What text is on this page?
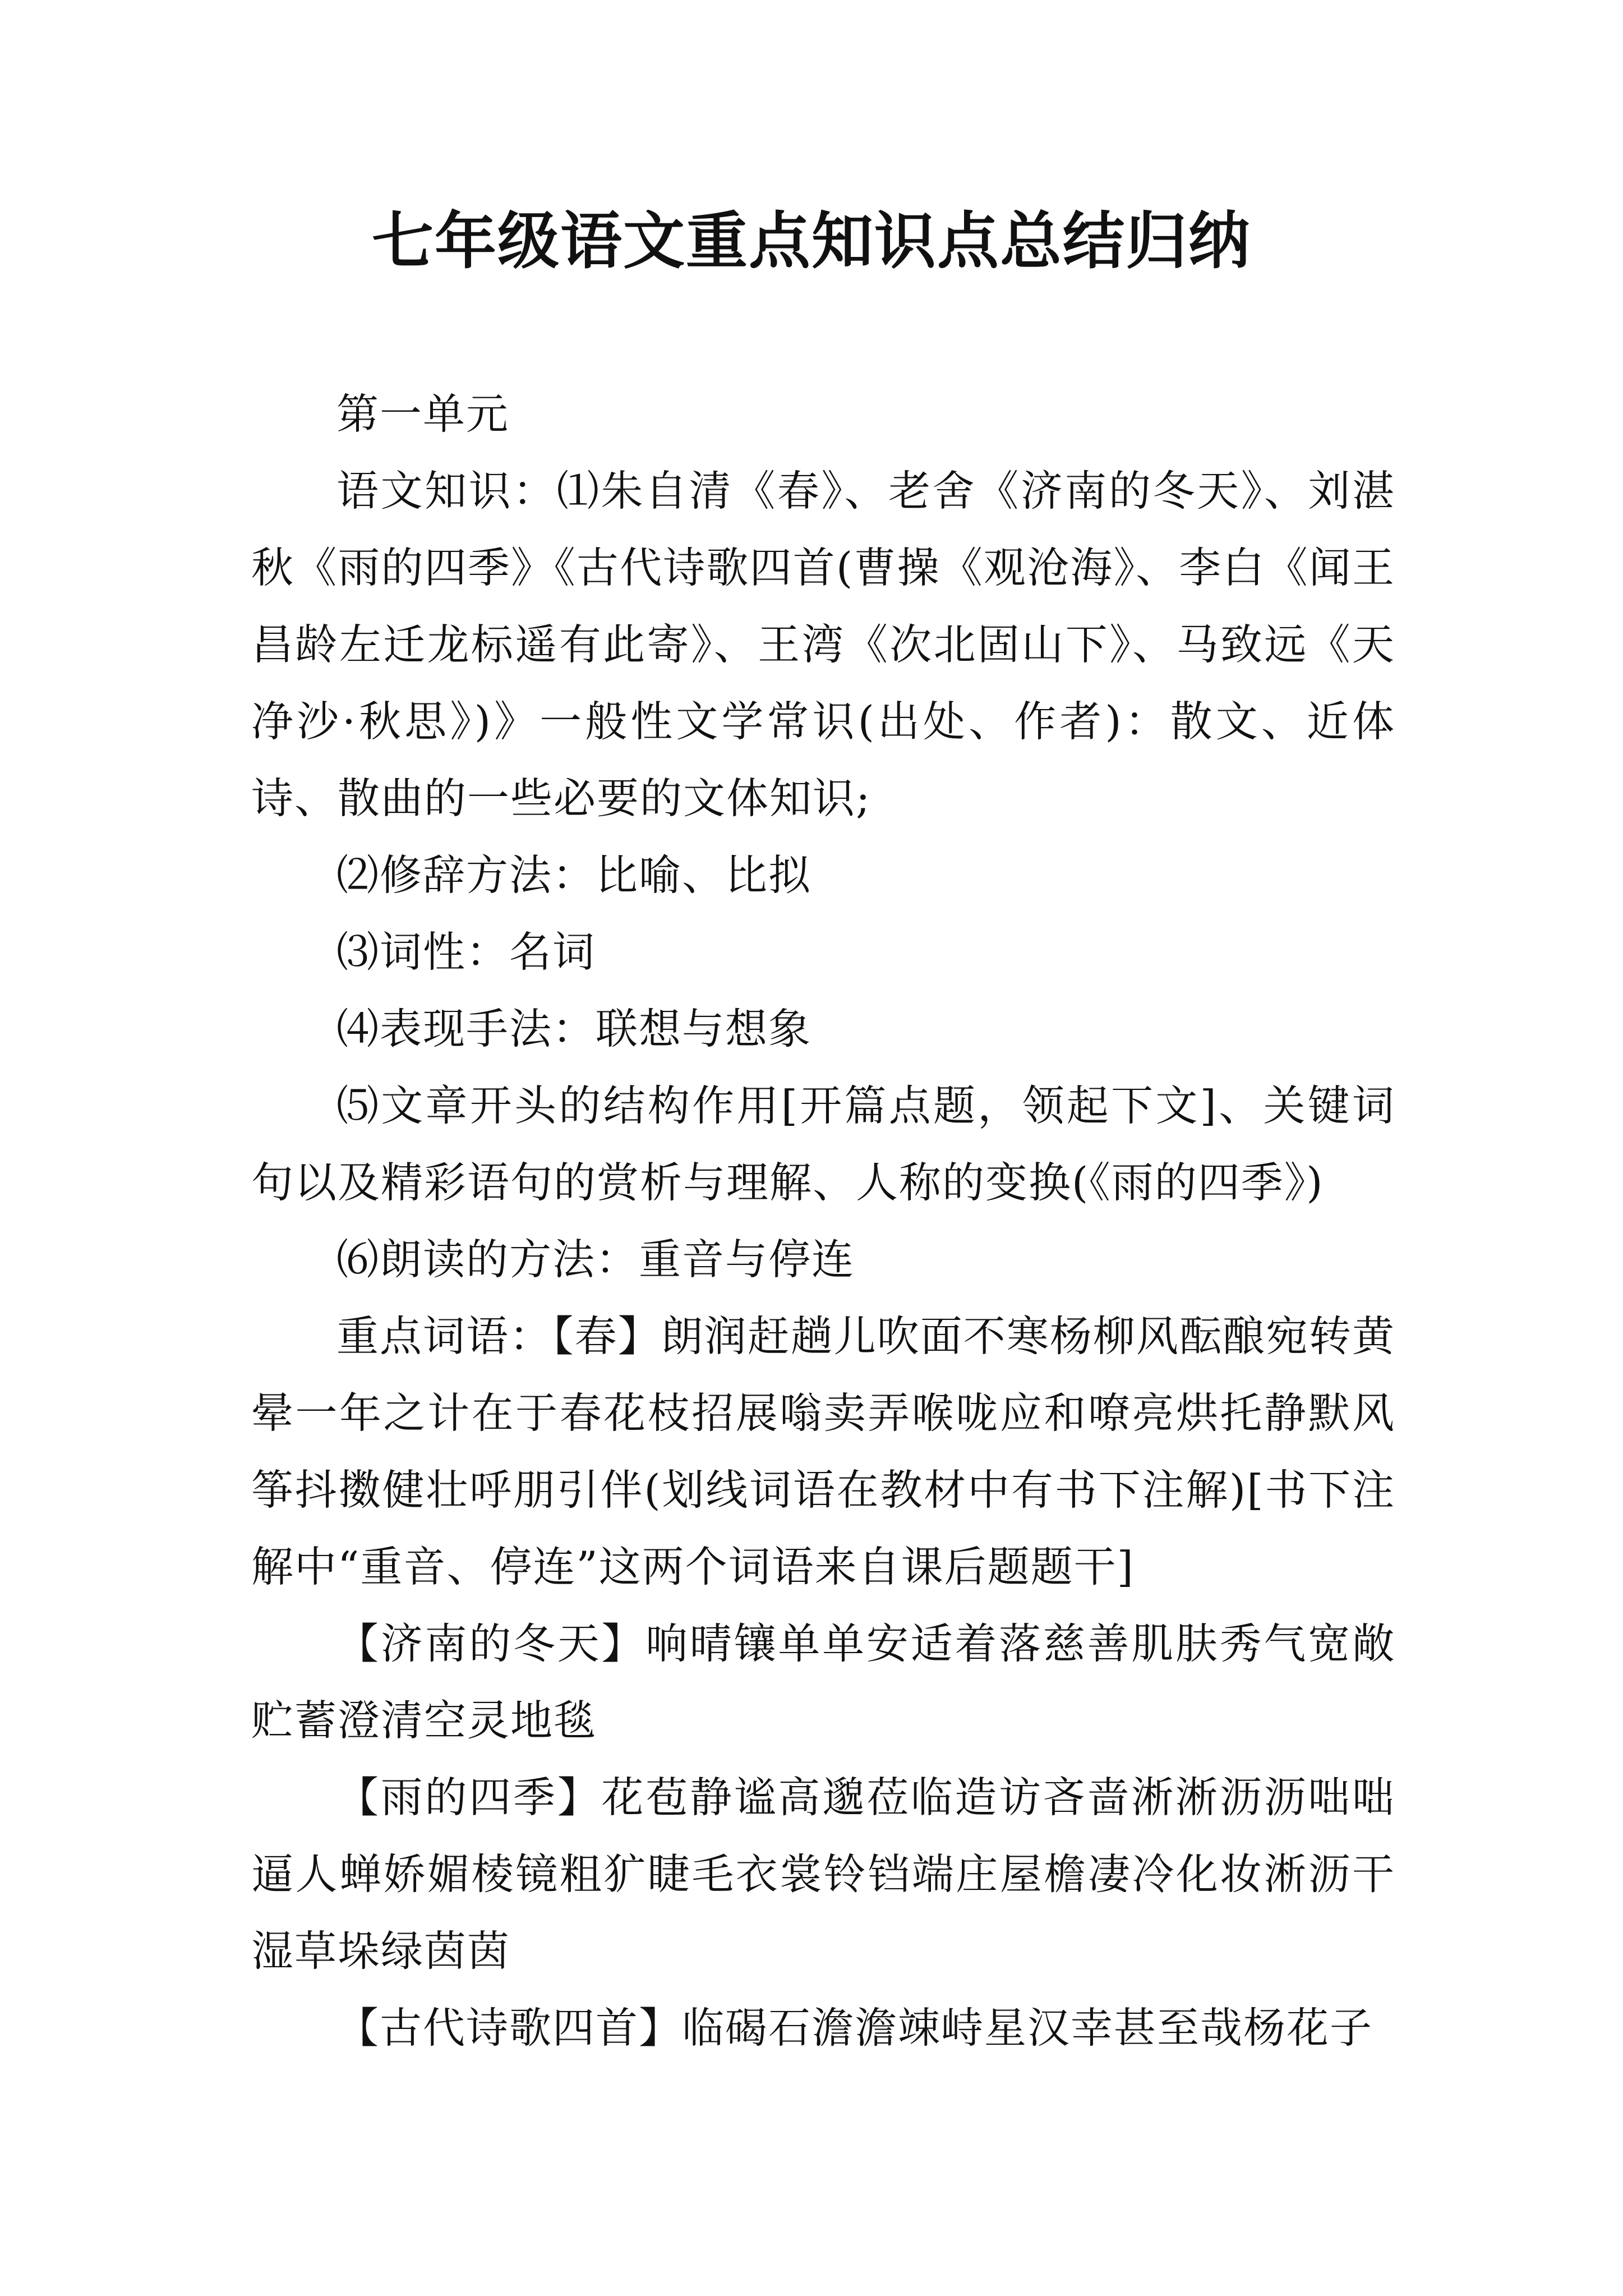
七年级语文重点知识点总结归纳

第一单元

语文知识：⑴朱自清《春》、老舍《济南的冬天》、刘湛秋《雨的四季》《古代诗歌四首(曹操《观沧海》、李白《闻王昌龄左迁龙标遥有此寄》、王湾《次北固山下》、马致远《天净沙·秋思》)》一般性文学常识(出处、作者)：散文、近体诗、散曲的一些必要的文体知识;

⑵修辞方法：比喻、比拟

⑶词性：名词

⑷表现手法：联想与想象

⑸文章开头的结构作用[开篇点题，领起下文]、关键词句以及精彩语句的赏析与理解、人称的变换(《雨的四季》)

⑹朗读的方法：重音与停连

重点词语：【春】朗润赶趟儿吹面不寒杨柳风酝酿宛转黄晕一年之计在于春花枝招展嗡卖弄喉咙应和嘹亮烘托静默风筝抖擞健壮呼朋引伴(划线词语在教材中有书下注解)[书下注解中“重音、停连”这两个词语来自课后题题干]

【济南的冬天】响晴镶单单安适着落慈善肌肤秀气宽敞贮蓄澄清空灵地毯

【雨的四季】花苞静谧高邈莅临造访吝啬淅淅沥沥咄咄逼人蝉娇媚棱镜粗犷睫毛衣裳铃铛端庄屋檐凄冷化妆淅沥干湿草垛绿茵茵

【古代诗歌四首】临碣石澹澹竦峙星汉幸甚至哉杨花子
